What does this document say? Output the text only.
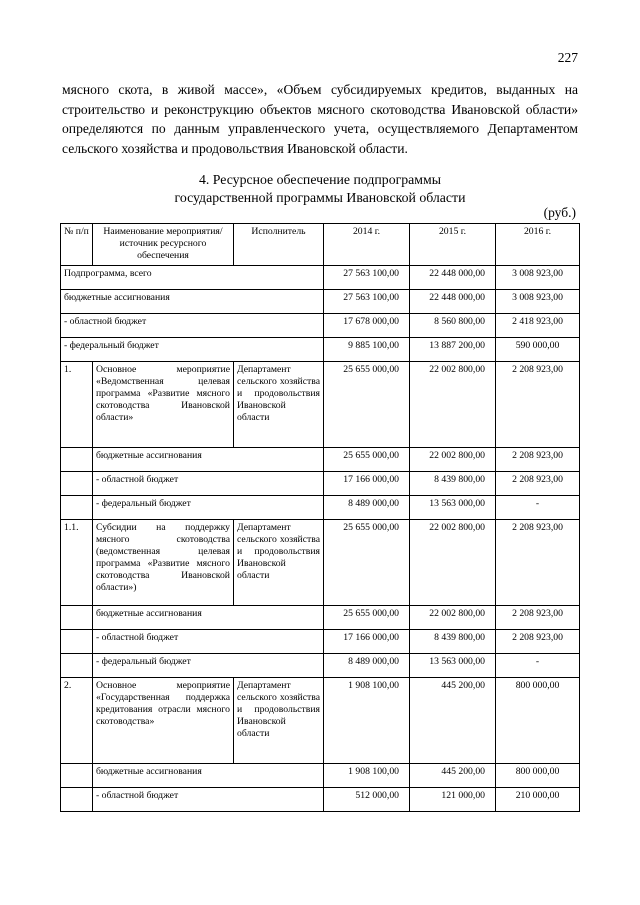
227

мясного скота, в живой массе», «Объем субсидируемых кредитов, выданных на строительство и реконструкцию объектов мясного скотоводства Ивановской области» определяются по данным управленческого учета, осуществляемого Департаментом сельского хозяйства и продовольствия Ивановской области.

4. Ресурсное обеспечение подпрограммы
государственной программы Ивановской области
(руб.)
№ п/п	Наименование мероприятия/источник ресурсного обеспечения	Исполнитель	2014 г.	2015 г.	2016 г.
Подпрограмма, всего			27 563 100,00	22 448 000,00	3 008 923,00
бюджетные ассигнования			27 563 100,00	22 448 000,00	3 008 923,00
- областной бюджет			17 678 000,00	8 560 800,00	2 418 923,00
- федеральный бюджет			9 885 100,00	13 887 200,00	590 000,00
1.	Основное мероприятие «Ведомственная целевая программа «Развитие мясного скотоводства Ивановской области»	Департамент сельского хозяйства и продовольствия Ивановской области	25 655 000,00	22 002 800,00	2 208 923,00
	бюджетные ассигнования		25 655 000,00	22 002 800,00	2 208 923,00
	- областной бюджет		17 166 000,00	8 439 800,00	2 208 923,00
	- федеральный бюджет		8 489 000,00	13 563 000,00	-
1.1.	Субсидии на поддержку мясного скотоводства (ведомственная целевая программа «Развитие мясного скотоводства Ивановской области»)	Департамент сельского хозяйства и продовольствия Ивановской области	25 655 000,00	22 002 800,00	2 208 923,00
	бюджетные ассигнования		25 655 000,00	22 002 800,00	2 208 923,00
	- областной бюджет		17 166 000,00	8 439 800,00	2 208 923,00
	- федеральный бюджет		8 489 000,00	13 563 000,00	-
2.	Основное мероприятие «Государственная поддержка кредитования отрасли мясного скотоводства»	Департамент сельского хозяйства и продовольствия Ивановской области	1 908 100,00	445 200,00	800 000,00
	бюджетные ассигнования		1 908 100,00	445 200,00	800 000,00
	- областной бюджет		512 000,00	121 000,00	210 000,00
